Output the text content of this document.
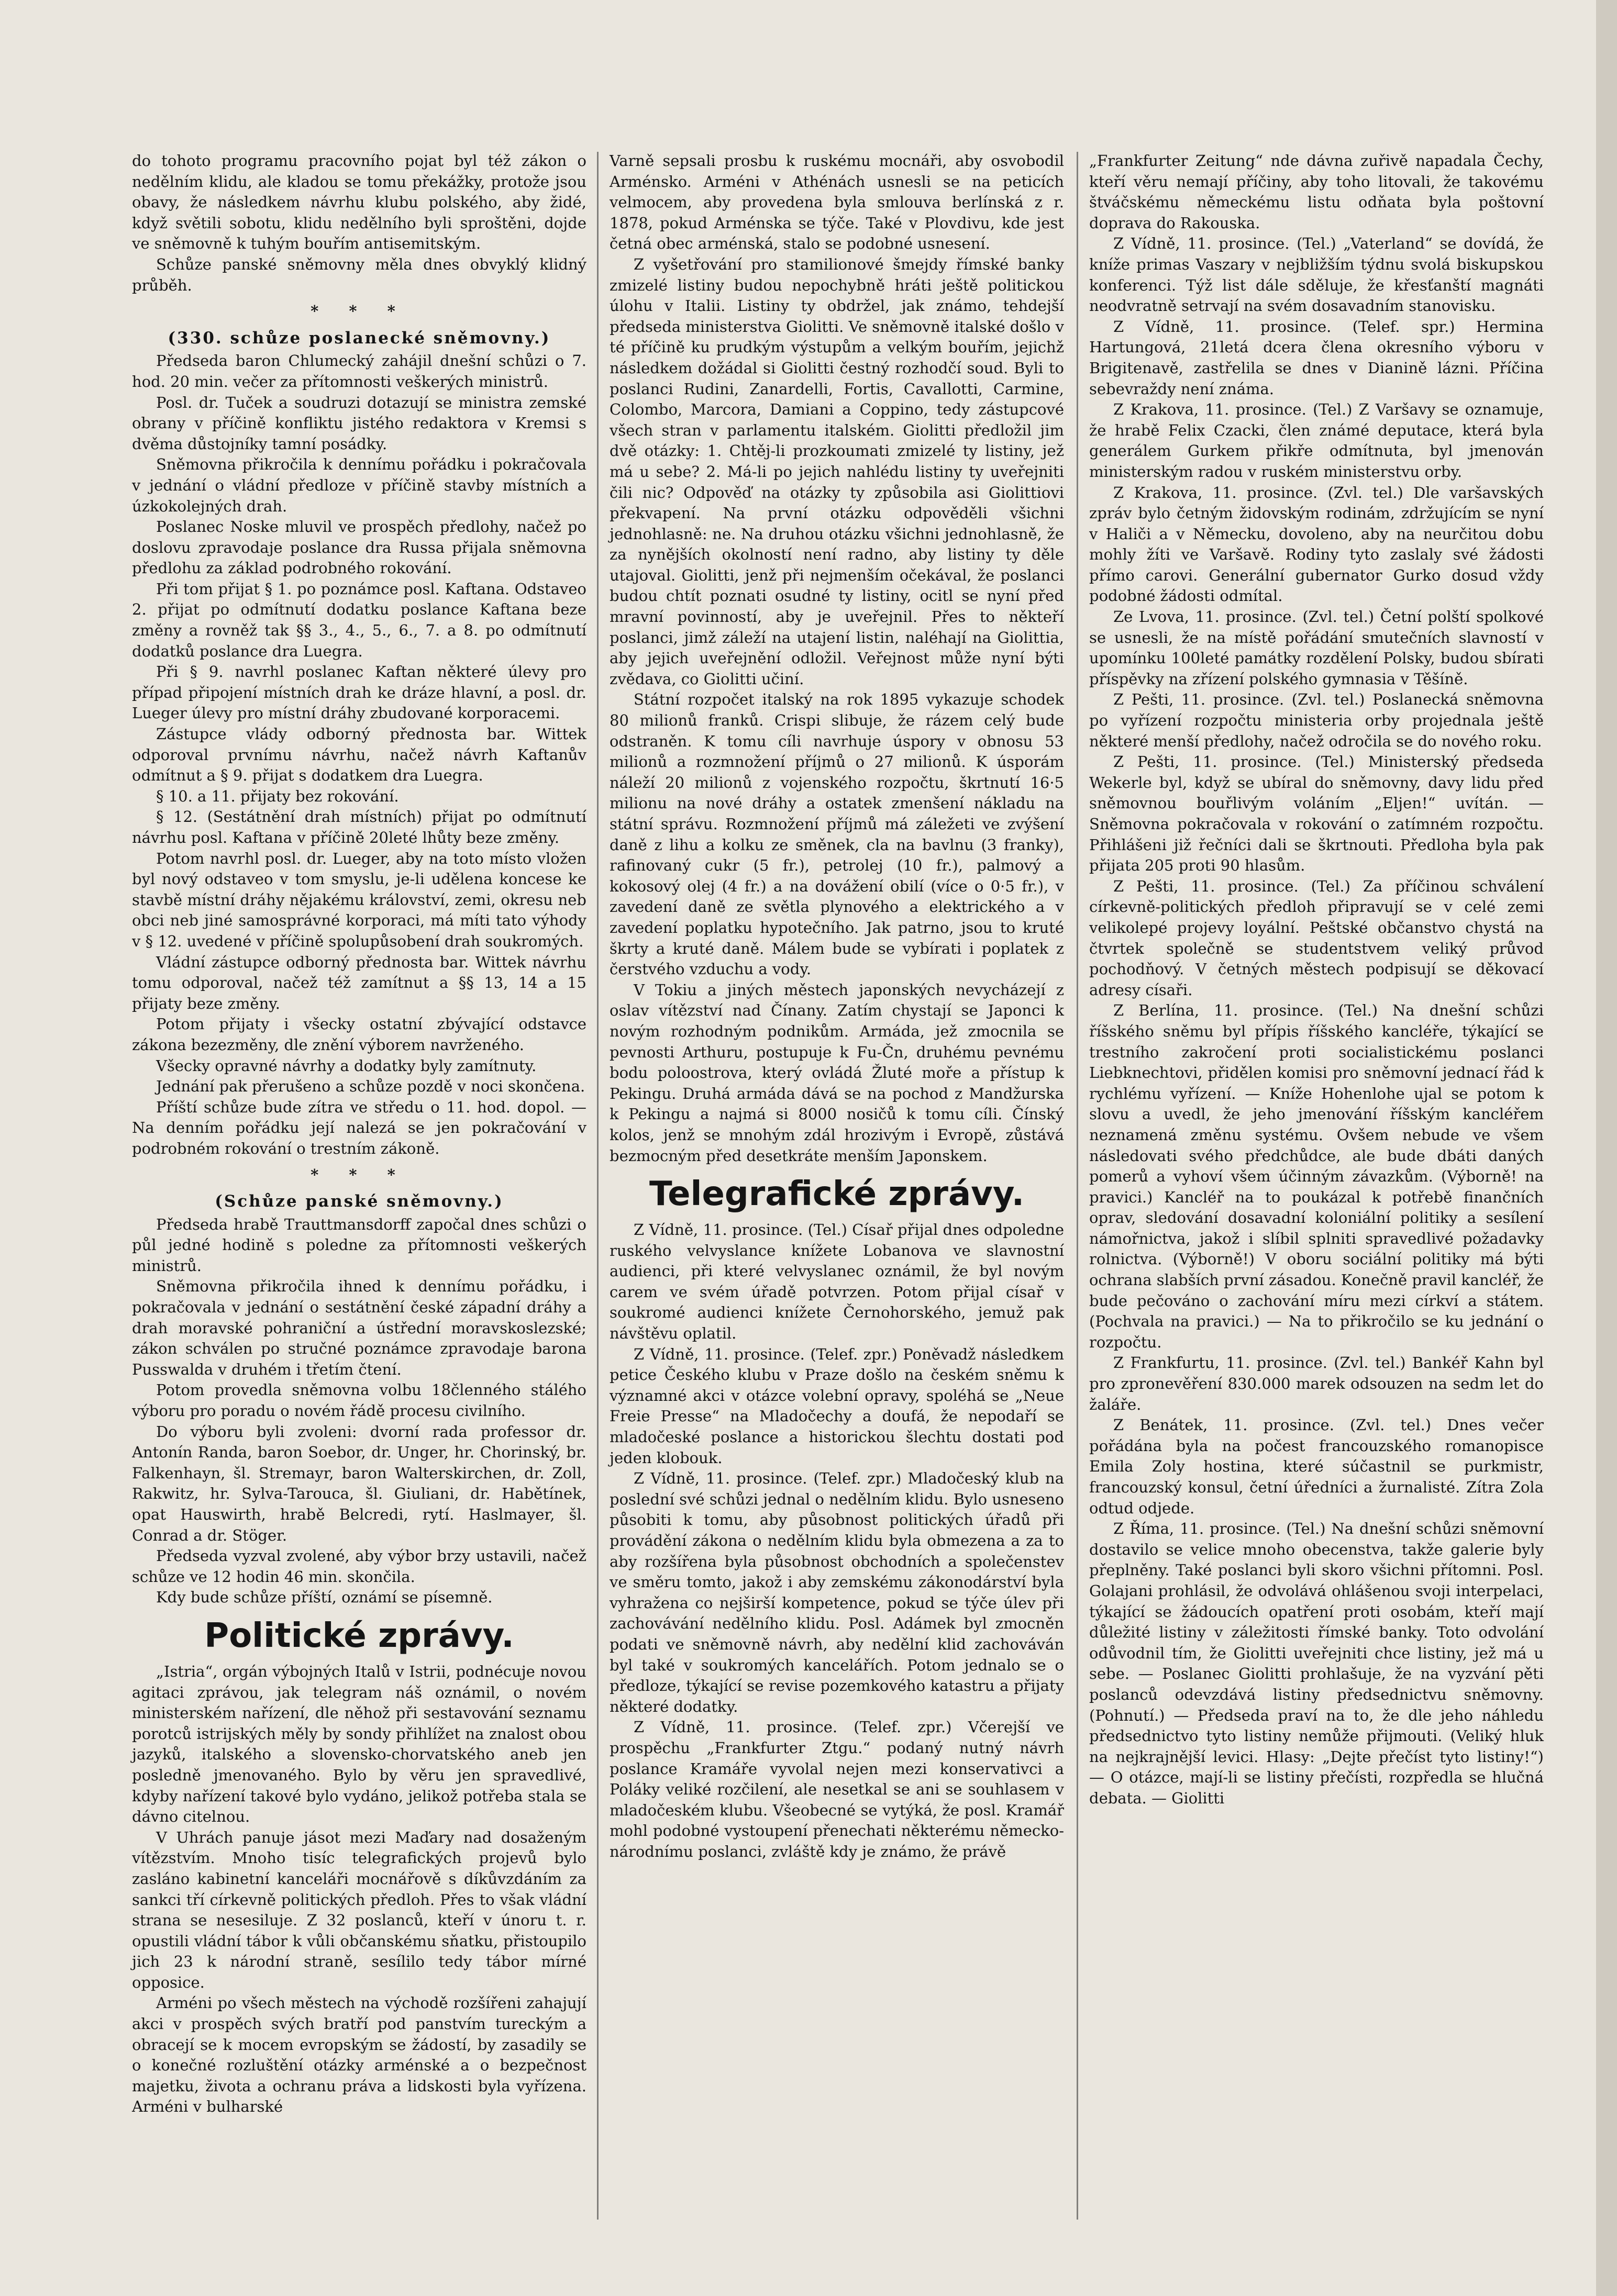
do tohoto programu pracovního pojat byl též zákon o nedělním klidu, ale kladou se tomu překážky, protože jsou obavy, že následkem návrhu klubu polského, aby židé, když světili sobotu, klidu nedělního byli sproštěni, dojde ve sněmovně k tuhým bouřím antisemitským.

Schůze panské sněmovny měla dnes obvyklý klidný průběh.

* * *
(330. schůze poslanecké sněmovny.)

Předseda baron Chlumecký zahájil dnešní schůzi o 7. hod. 20 min. večer za přítomnosti veškerých ministrů.

Posl. dr. Tuček a soudruzi dotazují se ministra zemské obrany v příčině konfliktu jistého redaktora v Kremsi s dvěma důstojníky tamní posádky.

Sněmovna přikročila k dennímu pořádku i pokračovala v jednání o vládní předloze v příčině stavby místních a úzkokolejných drah.

Poslanec Noske mluvil ve prospěch předlohy, načež po doslovu zpravodaje poslance dra Russa přijala sněmovna předlohu za základ podrobného rokování.

Při tom přijat § 1. po poznámce posl. Kaftana. Odstaveo 2. přijat po odmítnutí dodatku poslance Kaftana beze změny a rovněž tak §§ 3., 4., 5., 6., 7. a 8. po odmítnutí dodatků poslance dra Luegra.

Při § 9. navrhl poslanec Kaftan některé úlevy pro případ připojení místních drah ke dráze hlavní, a posl. dr. Lueger úlevy pro místní dráhy zbudované korporacemi.

Zástupce vlády odborný přednosta bar. Wittek odporoval prvnímu návrhu, načež návrh Kaftanův odmítnut a § 9. přijat s dodatkem dra Luegra.

§ 10. a 11. přijaty bez rokování.

§ 12. (Sestátnění drah místních) přijat po odmítnutí návrhu posl. Kaftana v příčině 20leté lhůty beze změny.

Potom navrhl posl. dr. Lueger, aby na toto místo vložen byl nový odstaveo v tom smyslu, je-li udělena koncese ke stavbě místní dráhy nějakému království, zemi, okresu neb obci neb jiné samosprávné korporaci, má míti tato výhody v § 12. uvedené v příčině spolupůsobení drah soukromých.

Vládní zástupce odborný přednosta bar. Wittek návrhu tomu odporoval, načež též zamítnut a §§ 13, 14 a 15 přijaty beze změny.

Potom přijaty i všecky ostatní zbývající odstavce zákona bezezměny, dle znění výborem navrženého.

Všecky opravné návrhy a dodatky byly zamítnuty.

Jednání pak přerušeno a schůze pozdě v noci skončena.

Příští schůze bude zítra ve středu o 11. hod. dopol. — Na denním pořádku její nalezá se jen pokračování v podrobném rokování o trestním zákoně.

* * *
(Schůze panské sněmovny.)

Předseda hrabě Trauttmansdorff započal dnes schůzi o půl jedné hodině s poledne za přítomnosti veškerých ministrů.

Sněmovna přikročila ihned k dennímu pořádku, i pokračovala v jednání o sestátnění české západní dráhy a drah moravské pohraniční a ústřední moravskoslezské; zákon schválen po stručné poznámce zpravodaje barona Pusswalda v druhém i třetím čtení.

Potom provedla sněmovna volbu 18členného stálého výboru pro poradu o novém řádě procesu civilního.

Do výboru byli zvoleni: dvorní rada professor dr. Antonín Randa, baron Soebor, dr. Unger, hr. Chorinský, br. Falkenhayn, šl. Stremayr, baron Walterskirchen, dr. Zoll, Rakwitz, hr. Sylva-Tarouca, šl. Giuliani, dr. Habětínek, opat Hauswirth, hrabě Belcredi, rytí. Haslmayer, šl. Conrad a dr. Stöger.

Předseda vyzval zvolené, aby výbor brzy ustavili, načež schůze ve 12 hodin 46 min. skončila.

Kdy bude schůze příští, oznámí se písemně.

Politické zprávy.

„Istria“, orgán výbojných Italů v Istrii, podnécuje novou agitaci zprávou, jak telegram náš oznámil, o novém ministerském nařízení, dle něhož při sestavování seznamu porotců istrijských měly by sondy přihlížet na znalost obou jazyků, italského a slovensko-chorvatského aneb jen posledně jmenovaného. Bylo by věru jen spravedlivé, kdyby nařízení takové bylo vydáno, jelikož potřeba stala se dávno citelnou.

V Uhrách panuje jásot mezi Maďary nad dosaženým vítězstvím. Mnoho tisíc telegrafických projevů bylo zasláno kabinetní kanceláři mocnářově s díkůvzdáním za sankci tří církevně politických předloh. Přes to však vládní strana se nesesiluje. Z 32 poslanců, kteří v únoru t. r. opustili vládní tábor k vůli občanskému sňatku, přistoupilo jich 23 k národní straně, sesílilo tedy tábor mírné opposice.

Arméni po všech městech na východě rozšířeni zahajují akci v prospěch svých bratří pod panstvím tureckým a obracejí se k mocem evropským se žádostí, by zasadily se o konečné rozluštění otázky arménské a o bezpečnost majetku, života a ochranu práva a lidskosti byla vyřízena. Arméni v bulharské

Varně sepsali prosbu k ruskému mocnáři, aby osvobodil Arménsko. Arméni v Athénách usnesli se na peticích velmocem, aby provedena byla smlouva berlínská z r. 1878, pokud Arménska se týče. Také v Plovdivu, kde jest četná obec arménská, stalo se podobné usnesení.

Z vyšetřování pro stamilionové šmejdy římské banky zmizelé listiny budou nepochybně hráti ještě politickou úlohu v Italii. Listiny ty obdržel, jak známo, tehdejší předseda ministerstva Giolitti. Ve sněmovně italské došlo v té příčině ku prudkým výstupům a velkým bouřím, jejichž následkem dožádal si Giolitti čestný rozhodčí soud. Byli to poslanci Rudini, Zanardelli, Fortis, Cavallotti, Carmine, Colombo, Marcora, Damiani a Coppino, tedy zástupcové všech stran v parlamentu italském. Giolitti předložil jim dvě otázky: 1. Chtěj-li prozkoumati zmizelé ty listiny, jež má u sebe? 2. Má-li po jejich nahlédu listiny ty uveřejniti čili nic? Odpověď na otázky ty způsobila asi Giolittiovi překvapení. Na první otázku odpověděli všichni jednohlasně: ne. Na druhou otázku všichni jednohlasně, že za nynějších okolností není radno, aby listiny ty děle utajoval. Giolitti, jenž při nejmenším očekával, že poslanci budou chtít poznati osudné ty listiny, ocitl se nyní před mravní povinností, aby je uveřejnil. Přes to někteří poslanci, jimž záleží na utajení listin, naléhají na Giolittia, aby jejich uveřejnění odložil. Veřejnost může nyní býti zvědava, co Giolitti učiní.

Státní rozpočet italský na rok 1895 vykazuje schodek 80 milionů franků. Crispi slibuje, že rázem celý bude odstraněn. K tomu cíli navrhuje úspory v obnosu 53 milionů a rozmnožení příjmů o 27 milionů. K úsporám náleží 20 milionů z vojenského rozpočtu, škrtnutí 16·5 milionu na nové dráhy a ostatek zmenšení nákladu na státní správu. Rozmnožení příjmů má záležeti ve zvýšení daně z lihu a kolku ze směnek, cla na bavlnu (3 franky), rafinovaný cukr (5 fr.), petrolej (10 fr.), palmový a kokosový olej (4 fr.) a na dovážení obilí (více o 0·5 fr.), v zavedení daně ze světla plynového a elektrického a v zavedení poplatku hypotečního. Jak patrno, jsou to kruté škrty a kruté daně. Málem bude se vybírati i poplatek z čerstvého vzduchu a vody.

V Tokiu a jiných městech japonských nevycházejí z oslav vítězství nad Čínany. Zatím chystají se Japonci k novým rozhodným podnikům. Armáda, jež zmocnila se pevnosti Arthuru, postupuje k Fu-Čn, druhému pevnému bodu poloostrova, který ovládá Žluté moře a přístup k Pekingu. Druhá armáda dává se na pochod z Mandžurska k Pekingu a najmá si 8000 nosičů k tomu cíli. Čínský kolos, jenž se mnohým zdál hrozivým i Evropě, zůstává bezmocným před desetkráte menším Japonskem.

Telegrafické zprávy.

Z Vídně, 11. prosince. (Tel.) Císař přijal dnes odpoledne ruského velvyslance knížete Lobanova ve slavnostní audienci, při které velvyslanec oznámil, že byl novým carem ve svém úřadě potvrzen. Potom přijal císař v soukromé audienci knížete Černohorského, jemuž pak návštěvu oplatil.

Z Vídně, 11. prosince. (Telef. zpr.) Poněvadž následkem petice Českého klubu v Praze došlo na českém sněmu k významné akci v otázce volební opravy, spoléhá se „Neue Freie Presse“ na Mladočechy a doufá, že nepodaří se mladočeské poslance a historickou šlechtu dostati pod jeden klobouk.

Z Vídně, 11. prosince. (Telef. zpr.) Mladočeský klub na poslední své schůzi jednal o nedělním klidu. Bylo usneseno působiti k tomu, aby působnost politických úřadů při provádění zákona o nedělním klidu byla obmezena a za to aby rozšířena byla působnost obchodních a společenstev ve směru tomto, jakož i aby zemskému zákonodárství byla vyhražena co nejširší kompetence, pokud se týče úlev při zachovávání nedělního klidu. Posl. Adámek byl zmocněn podati ve sněmovně návrh, aby nedělní klid zachováván byl také v soukromých kancelářích. Potom jednalo se o předloze, týkající se revise pozemkového katastru a přijaty některé dodatky.

Z Vídně, 11. prosince. (Telef. zpr.) Včerejší ve prospěchu „Frankfurter Ztgu.“ podaný nutný návrh poslance Kramáře vyvolal nejen mezi konservativci a Poláky veliké rozčilení, ale nesetkal se ani se souhlasem v mladočeském klubu. Všeobecné se vytýká, že posl. Kramář mohl podobné vystoupení přenechati některému německo-národnímu poslanci, zvláště kdy je známo, že právě

„Frankfurter Zeitung“ nde dávna zuřivě napadala Čechy, kteří věru nemají příčiny, aby toho litovali, že takovému štváčskému německému listu odňata byla poštovní doprava do Rakouska.

Z Vídně, 11. prosince. (Tel.) „Vaterland“ se dovídá, že kníže primas Vaszary v nejbližším týdnu svolá biskupskou konferenci. Týž list dále sděluje, že křesťanští magnáti neodvratně setrvají na svém dosavadním stanovisku.

Z Vídně, 11. prosince. (Telef. spr.) Hermina Hartungová, 21letá dcera člena okresního výboru v Brigitenavě, zastřelila se dnes v Dianině lázni. Příčina sebevraždy není známa.

Z Krakova, 11. prosince. (Tel.) Z Varšavy se oznamuje, že hrabě Felix Czacki, člen známé deputace, která byla generálem Gurkem přikře odmítnuta, byl jmenován ministerským radou v ruském ministerstvu orby.

Z Krakova, 11. prosince. (Zvl. tel.) Dle varšavských zpráv bylo četným židovským rodinám, zdržujícím se nyní v Haliči a v Německu, dovoleno, aby na neurčitou dobu mohly žíti ve Varšavě. Rodiny tyto zaslaly své žádosti přímo carovi. Generální gubernator Gurko dosud vždy podobné žádosti odmítal.

Ze Lvova, 11. prosince. (Zvl. tel.) Četní polští spolkové se usnesli, že na místě pořádání smutečních slavností v upomínku 100leté památky rozdělení Polsky, budou sbírati příspěvky na zřízení polského gymnasia v Těšíně.

Z Pešti, 11. prosince. (Zvl. tel.) Poslanecká sněmovna po vyřízení rozpočtu ministeria orby projednala ještě některé menší předlohy, načež odročila se do nového roku.

Z Pešti, 11. prosince. (Tel.) Ministerský předseda Wekerle byl, když se ubíral do sněmovny, davy lidu před sněmovnou bouřlivým voláním „Eljen!“ uvítán. — Sněmovna pokračovala v rokování o zatímném rozpočtu. Přihlášeni již řečníci dali se škrtnouti. Předloha byla pak přijata 205 proti 90 hlasům.

Z Pešti, 11. prosince. (Tel.) Za příčinou schválení církevně-politických předloh připravují se v celé zemi velikolepé projevy loyální. Peštské občanstvo chystá na čtvrtek společně se studentstvem veliký průvod pochodňový. V četných městech podpisují se děkovací adresy císaři.

Z Berlína, 11. prosince. (Tel.) Na dnešní schůzi říšského sněmu byl přípis říšského kancléře, týkající se trestního zakročení proti socialistickému poslanci Liebknechtovi, přidělen komisi pro sněmovní jednací řád k rychlému vyřízení. — Kníže Hohenlohe ujal se potom k slovu a uvedl, že jeho jmenování říšským kancléřem neznamená změnu systému. Ovšem nebude ve všem následovati svého předchůdce, ale bude dbáti daných pomerů a vyhoví všem účinným závazkům. (Výborně! na pravici.) Kancléř na to poukázal k potřebě finančních oprav, sledování dosavadní koloniální politiky a sesílení námořnictva, jakož i slíbil splniti spravedlivé požadavky rolnictva. (Výborně!) V oboru sociální politiky má býti ochrana slabších první zásadou. Konečně pravil kancléř, že bude pečováno o zachování míru mezi církví a státem. (Pochvala na pravici.) — Na to přikročilo se ku jednání o rozpočtu.

Z Frankfurtu, 11. prosince. (Zvl. tel.) Bankéř Kahn byl pro zpronevěření 830.000 marek odsouzen na sedm let do žaláře.

Z Benátek, 11. prosince. (Zvl. tel.) Dnes večer pořádána byla na počest francouzského romanopisce Emila Zoly hostina, které súčastnil se purkmistr, francouzský konsul, četní úředníci a žurnalisté. Zítra Zola odtud odjede.

Z Říma, 11. prosince. (Tel.) Na dnešní schůzi sněmovní dostavilo se velice mnoho obecenstva, takže galerie byly přeplněny. Také poslanci byli skoro všichni přítomni. Posl. Golajani prohlásil, že odvolává ohlášenou svoji interpelaci, týkající se žádoucích opatření proti osobám, kteří mají důležité listiny v záležitosti římské banky. Toto odvolání odůvodnil tím, že Giolitti uveřejniti chce listiny, jež má u sebe. — Poslanec Giolitti prohlašuje, že na vyzvání pěti poslanců odevzdává listiny předsednictvu sněmovny. (Pohnutí.) — Předseda praví na to, že dle jeho náhledu předsednictvo tyto listiny nemůže přijmouti. (Veliký hluk na nejkrajnější levici. Hlasy: „Dejte přečíst tyto listiny!“) — O otázce, mají-li se listiny přečísti, rozpředla se hlučná debata. — Giolitti
